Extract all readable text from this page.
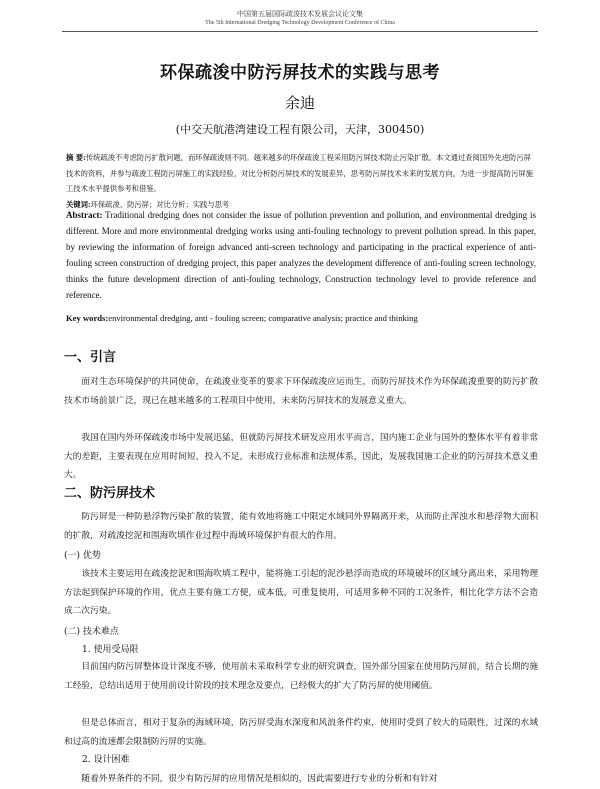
中国第五届国际疏浚技术发展会议论文集
The 5th International Dredging Technology Development Conference of China
环保疏浚中防污屏技术的实践与思考
余迪
(中交天航港湾建设工程有限公司，天津，300450)

摘 要:传统疏浚不考虑防污扩散问题，而环保疏浚则不同。越来越多的环保疏浚工程采用防污屏技术防止污染扩散。本文通过查阅国外先进防污屏技术的资料，并参与疏浚工程防污屏施工的实践经验，对比分析防污屏技术的发展差异，思考防污屏技术未来的发展方向，为进一步提高防污屏施工技术水平提供参考和借鉴。

关键词:环保疏浚、防污屏；对比分析；实践与思考

Abstract: Traditional dredging does not consider the issue of pollution prevention and pollution, and environmental dredging is different. More and more environmental dredging works using anti-fouling technology to prevent pollution spread. In this paper, by reviewing the information of foreign advanced anti-screen technology and participating in the practical experience of anti-fouling screen construction of dredging project, this paper analyzes the development difference of anti-fouling screen technology, thinks the future development direction of anti-fouling technology, Construction technology level to provide reference and reference.

Key words:environmental dredging, anti - fouling screen; comparative analysis; practice and thinking
一、引言

面对生态环境保护的共同使命，在疏浚业变革的要求下环保疏浚应运而生，而防污屏技术作为环保疏浚重要的防污扩散技术市场前景广泛，现已在越来越多的工程项目中使用，未来防污屏技术的发展意义重大。

我国在国内外环保疏浚市场中发展迅猛，但就防污屏技术研发应用水平而言，国内施工企业与国外的整体水平有着非常大的差距，主要表现在应用时间短，投入不足，未形成行业标准和法规体系，因此，发展我国施工企业的防污屏技术意义重大。

二、防污屏技术

防污屏是一种防悬浮物污染扩散的装置，能有效地将施工中限定水域同外界隔离开来，从而防止浑浊水和悬浮物大面积的扩散，对疏浚挖泥和围海吹填作业过程中海域环境保护有很大的作用。

(一) 优势

该技术主要运用在疏浚挖泥和围海吹填工程中，能将施工引起的泥沙悬浮而造成的环境破坏的区域分离出来，采用物理方法起到保护环境的作用，优点主要有施工方便，成本低，可重复使用，可适用多种不同的工况条件，相比化学方法不会造成二次污染。

(二) 技术难点
1. 使用受局限

目前国内防污屏整体设计深度不够，使用前未采取科学专业的研究调查，国外部分国家在使用防污屏前，结合长期的施工经验，总结出适用于使用前设计阶段的技术理念及要点，已经极大的扩大了防污屏的使用阈值。

但是总体而言，相对于复杂的海域环境，防污屏受海水深度和风浪条件约束，使用时受到了较大的局限性，过深的水域和过高的流速都会限制防污屏的实施。

2. 设计困难

随着外界条件的不同，很少有防污屏的应用情况是相似的，因此需要进行专业的分析和有针对
